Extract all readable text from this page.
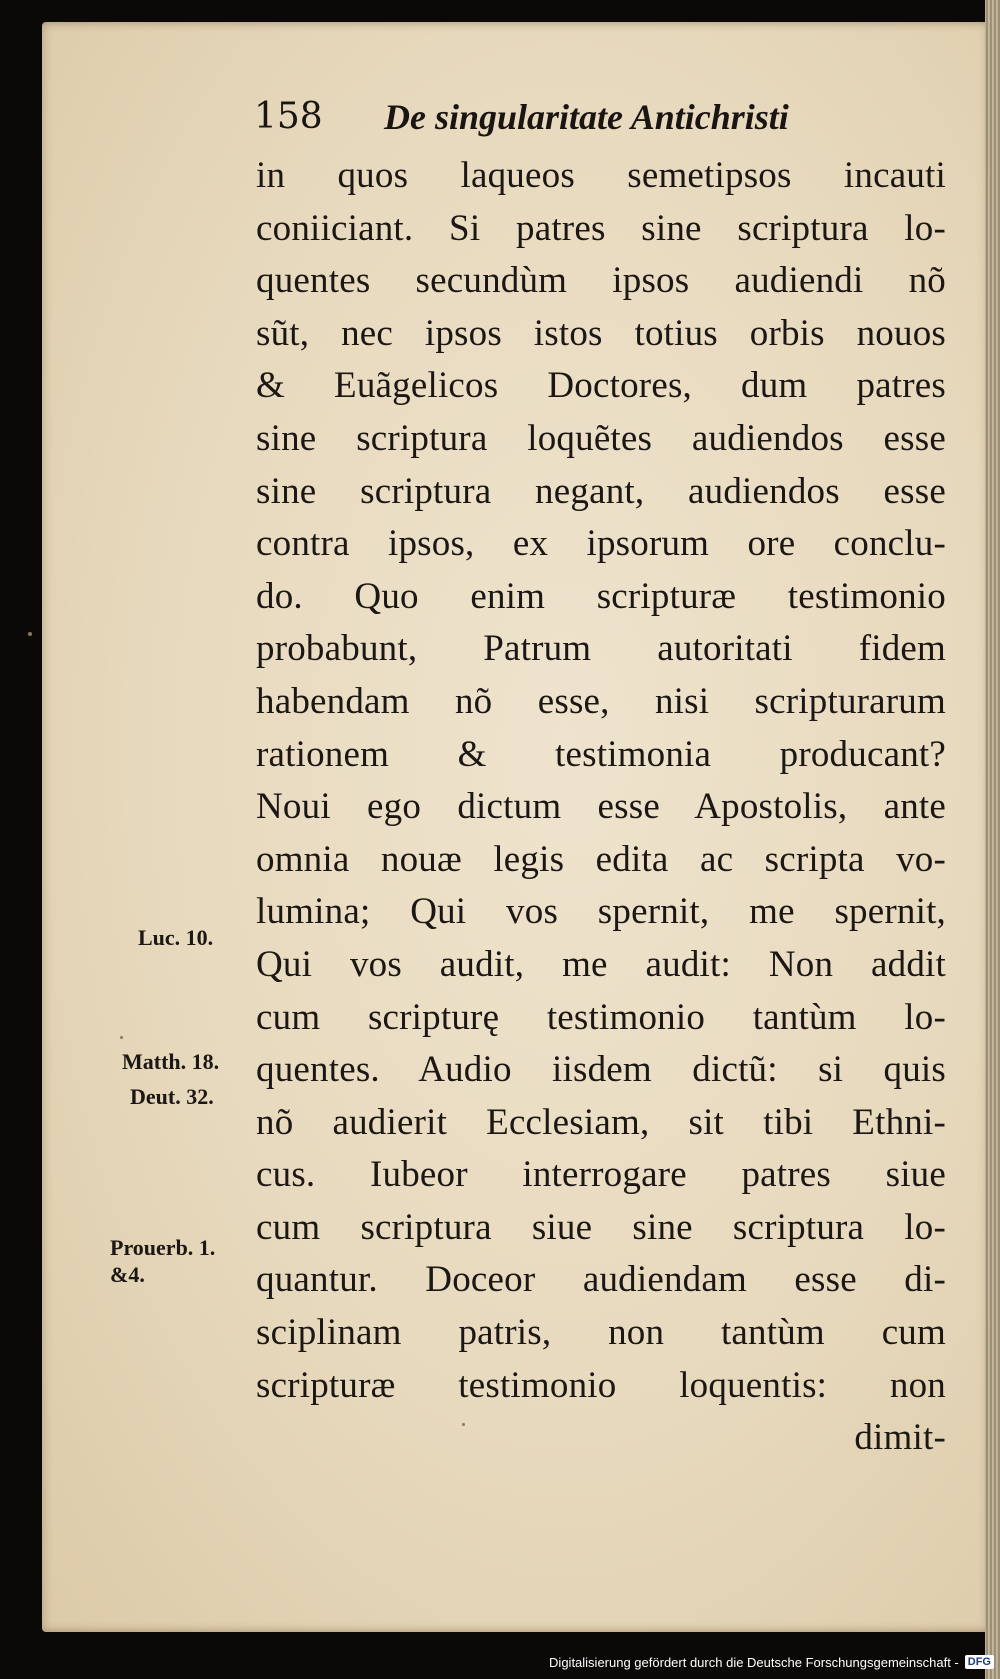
158 De singularitate Antichristi
in quos laqueos semetipsos incauti
coniiciant. Si patres sine scriptura lo-
quentes secundùm ipsos audiendi nõ
sũt, nec ipsos istos totius orbis nouos
& Euãgelicos Doctores, dum patres
sine scriptura loquẽtes audiendos esse
sine scriptura negant, audiendos esse
contra ipsos, ex ipsorum ore conclu-
do. Quo enim scripturæ testimonio
probabunt, Patrum autoritati fidem
habendam nõ esse, nisi scripturarum
rationem & testimonia producant?
Noui ego dictum esse Apostolis, ante
omnia nouæ legis edita ac scripta vo-
lumina; Qui vos spernit, me spernit,
Qui vos audit, me audit: Non addit
cum scripturę testimonio tantùm lo-
quentes. Audio iisdem dictũ: si quis
nõ audierit Ecclesiam, sit tibi Ethni-
cus. Iubeor interrogare patres siue
cum scriptura siue sine scriptura lo-
quantur. Doceor audiendam esse di-
sciplinam patris, non tantùm cum
scripturæ testimonio loquentis: non
dimit-
Luc. 10.
Matth. 18.
Deut. 32.
Prouerb. 1.
&4.
Digitalisierung gefördert durch die Deutsche Forschungsgemeinschaft - DFG
